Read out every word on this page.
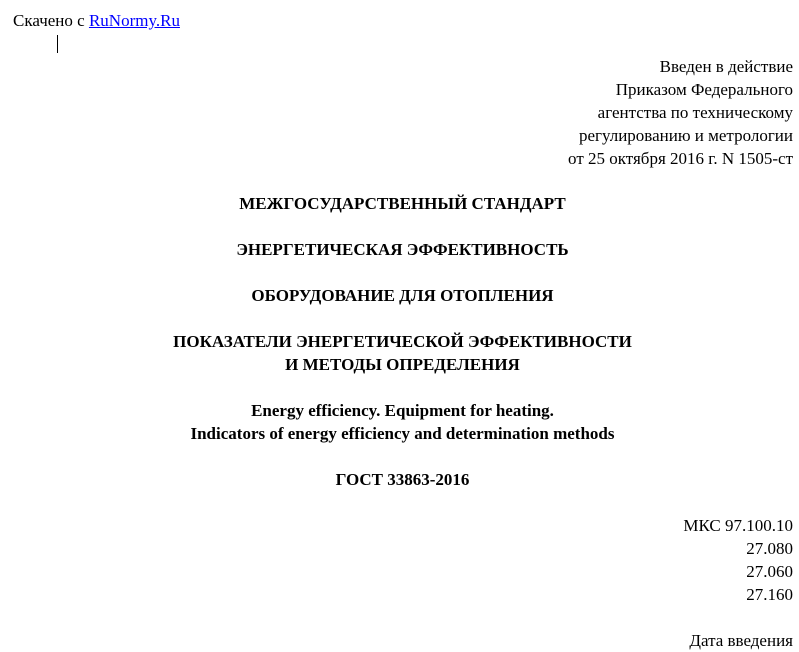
Скачено с RuNormy.Ru
Введен в действие
Приказом Федерального
агентства по техническому
регулированию и метрологии
от 25 октября 2016 г. N 1505-ст
МЕЖГОСУДАРСТВЕННЫЙ СТАНДАРТ
ЭНЕРГЕТИЧЕСКАЯ ЭФФЕКТИВНОСТЬ
ОБОРУДОВАНИЕ ДЛЯ ОТОПЛЕНИЯ
ПОКАЗАТЕЛИ ЭНЕРГЕТИЧЕСКОЙ ЭФФЕКТИВНОСТИ
И МЕТОДЫ ОПРЕДЕЛЕНИЯ
Energy efficiency. Equipment for heating.
Indicators of energy efficiency and determination methods
ГОСТ 33863-2016
МКС 97.100.10
27.080
27.060
27.160
Дата введения
